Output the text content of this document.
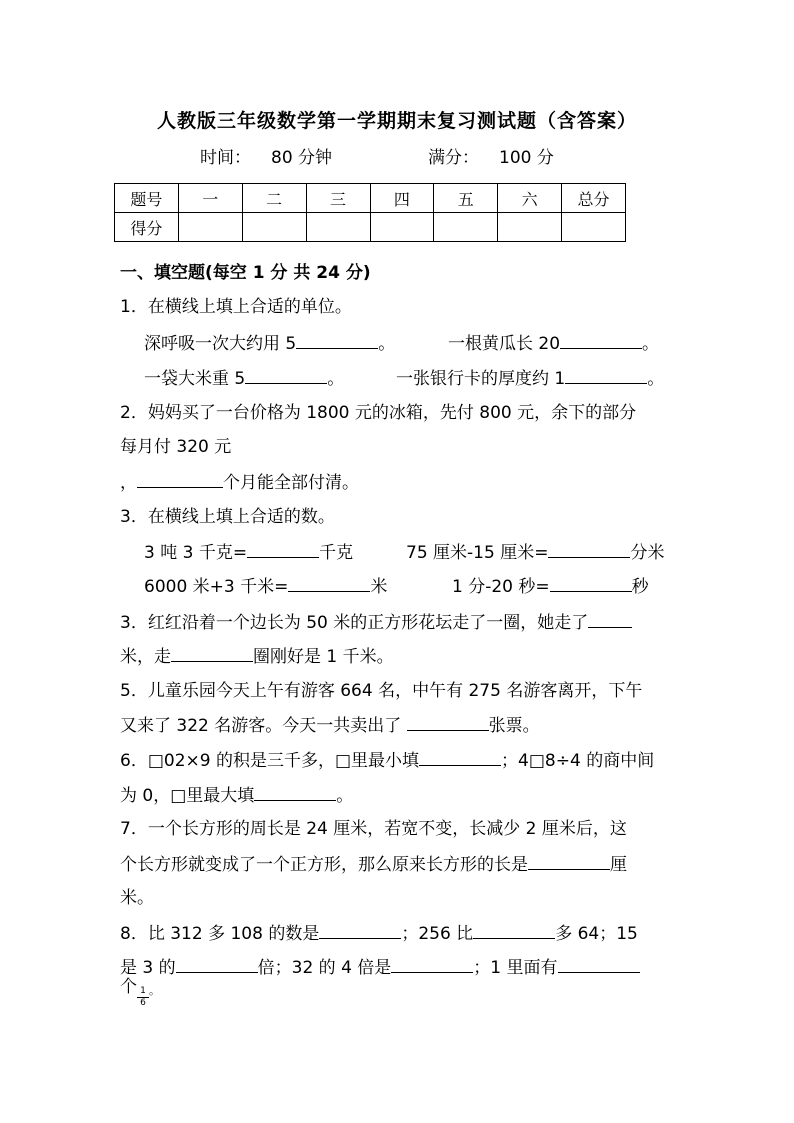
人教版三年级数学第一学期期末复习测试题（含答案）
时间： 80 分钟	满分： 100 分
题号	一	二	三	四	五	六	总分
得分							
一、填空题(每空 1 分 共 24 分)
1．在横线上填上合适的单位。
深呼吸一次大约用 5	。	一根黄瓜长 20	。
一袋大米重 5	。	一张银行卡的厚度约 1	。
2．妈妈买了一台价格为 1800 元的冰箱，先付 800 元，余下的部分
每月付 320 元
，	个月能全部付清。
3．在横线上填上合适的数。
3 吨 3 千克=	千克	75 厘米-15 厘米=	分米
6000 米+3 千米=	米	1 分-20 秒=	秒
3．红红沿着一个边长为 50 米的正方形花坛走了一圈，她走了
米，走	圈刚好是 1 千米。
5．儿童乐园今天上午有游客 664 名，中午有 275 名游客离开，下午
又来了 322 名游客。今天一共卖出了	张票。
6．□02×9 的积是三千多，□里最小填	；4□8÷4 的商中间
为 0，□里最大填	。
7．一个长方形的周长是 24 厘米，若宽不变，长减少 2 厘米后，这
个长方形就变成了一个正方形，那么原来长方形的长是	厘
米。
8．比 312 多 108 的数是	；256 比	多 64；15
是 3 的	倍；32 的 4 倍是	；1 里面有
个 $\frac{1}{6}$ 。
